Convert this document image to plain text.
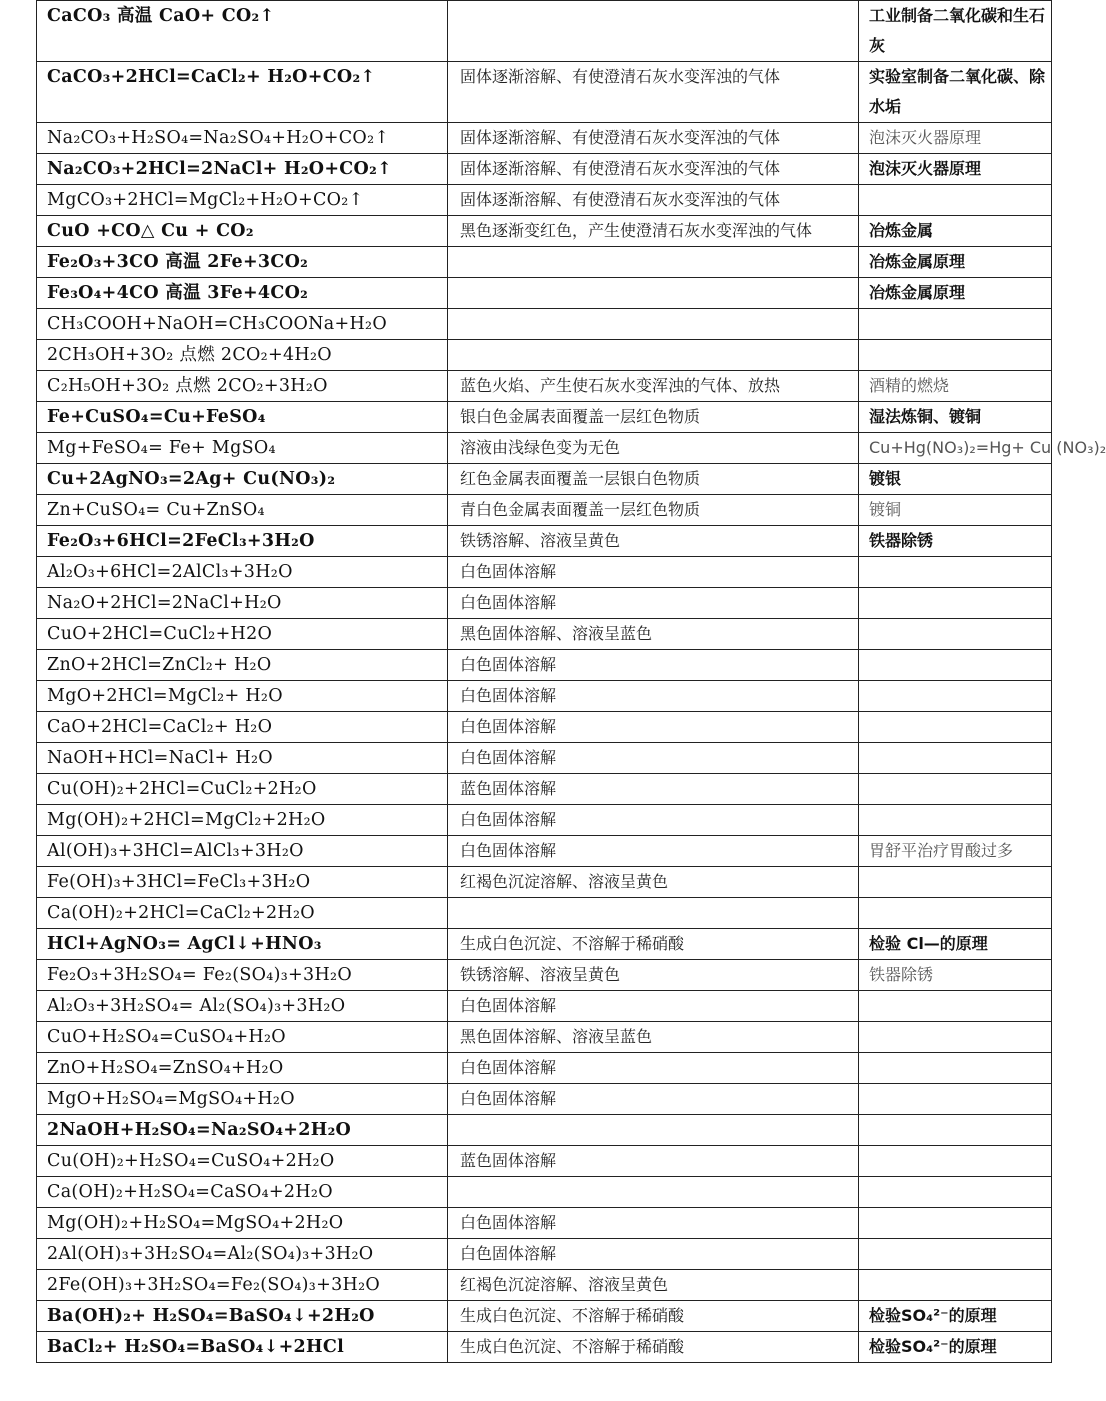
CaCO₃ 高温 CaO+ CO₂↑		工业制备二氧化碳和生石灰
CaCO₃+2HCl=CaCl₂+ H₂O+CO₂↑	固体逐渐溶解、有使澄清石灰水变浑浊的气体	实验室制备二氧化碳、除水垢
Na₂CO₃+H₂SO₄=Na₂SO₄+H₂O+CO₂↑	固体逐渐溶解、有使澄清石灰水变浑浊的气体	泡沫灭火器原理
Na₂CO₃+2HCl=2NaCl+ H₂O+CO₂↑	固体逐渐溶解、有使澄清石灰水变浑浊的气体	泡沫灭火器原理
MgCO₃+2HCl=MgCl₂+H₂O+CO₂↑	固体逐渐溶解、有使澄清石灰水变浑浊的气体	
CuO +CO△ Cu + CO₂	黑色逐渐变红色，产生使澄清石灰水变浑浊的气体	冶炼金属
Fe₂O₃+3CO 高温 2Fe+3CO₂		冶炼金属原理
Fe₃O₄+4CO 高温 3Fe+4CO₂		冶炼金属原理
CH₃COOH+NaOH=CH₃COONa+H₂O		
2CH₃OH+3O₂ 点燃 2CO₂+4H₂O		
C₂H₅OH+3O₂ 点燃 2CO₂+3H₂O	蓝色火焰、产生使石灰水变浑浊的气体、放热	酒精的燃烧
Fe+CuSO₄=Cu+FeSO₄	银白色金属表面覆盖一层红色物质	湿法炼铜、镀铜
Mg+FeSO₄= Fe+ MgSO₄	溶液由浅绿色变为无色	Cu+Hg(NO₃)₂=Hg+ Cu (NO₃)₂
Cu+2AgNO₃=2Ag+ Cu(NO₃)₂	红色金属表面覆盖一层银白色物质	镀银
Zn+CuSO₄= Cu+ZnSO₄	青白色金属表面覆盖一层红色物质	镀铜
Fe₂O₃+6HCl=2FeCl₃+3H₂O	铁锈溶解、溶液呈黄色	铁器除锈
Al₂O₃+6HCl=2AlCl₃+3H₂O	白色固体溶解	
Na₂O+2HCl=2NaCl+H₂O	白色固体溶解	
CuO+2HCl=CuCl₂+H2O	黑色固体溶解、溶液呈蓝色	
ZnO+2HCl=ZnCl₂+ H₂O	白色固体溶解	
MgO+2HCl=MgCl₂+ H₂O	白色固体溶解	
CaO+2HCl=CaCl₂+ H₂O	白色固体溶解	
NaOH+HCl=NaCl+ H₂O	白色固体溶解	
Cu(OH)₂+2HCl=CuCl₂+2H₂O	蓝色固体溶解	
Mg(OH)₂+2HCl=MgCl₂+2H₂O	白色固体溶解	
Al(OH)₃+3HCl=AlCl₃+3H₂O	白色固体溶解	胃舒平治疗胃酸过多
Fe(OH)₃+3HCl=FeCl₃+3H₂O	红褐色沉淀溶解、溶液呈黄色	
Ca(OH)₂+2HCl=CaCl₂+2H₂O		
HCl+AgNO₃= AgCl↓+HNO₃	生成白色沉淀、不溶解于稀硝酸	检验 Cl—的原理
Fe₂O₃+3H₂SO₄= Fe₂(SO₄)₃+3H₂O	铁锈溶解、溶液呈黄色	铁器除锈
Al₂O₃+3H₂SO₄= Al₂(SO₄)₃+3H₂O	白色固体溶解	
CuO+H₂SO₄=CuSO₄+H₂O	黑色固体溶解、溶液呈蓝色	
ZnO+H₂SO₄=ZnSO₄+H₂O	白色固体溶解	
MgO+H₂SO₄=MgSO₄+H₂O	白色固体溶解	
2NaOH+H₂SO₄=Na₂SO₄+2H₂O		
Cu(OH)₂+H₂SO₄=CuSO₄+2H₂O	蓝色固体溶解	
Ca(OH)₂+H₂SO₄=CaSO₄+2H₂O		
Mg(OH)₂+H₂SO₄=MgSO₄+2H₂O	白色固体溶解	
2Al(OH)₃+3H₂SO₄=Al₂(SO₄)₃+3H₂O	白色固体溶解	
2Fe(OH)₃+3H₂SO₄=Fe₂(SO₄)₃+3H₂O	红褐色沉淀溶解、溶液呈黄色	
Ba(OH)₂+ H₂SO₄=BaSO₄↓+2H₂O	生成白色沉淀、不溶解于稀硝酸	检验SO₄²⁻的原理
BaCl₂+ H₂SO₄=BaSO₄↓+2HCl	生成白色沉淀、不溶解于稀硝酸	检验SO₄²⁻的原理
